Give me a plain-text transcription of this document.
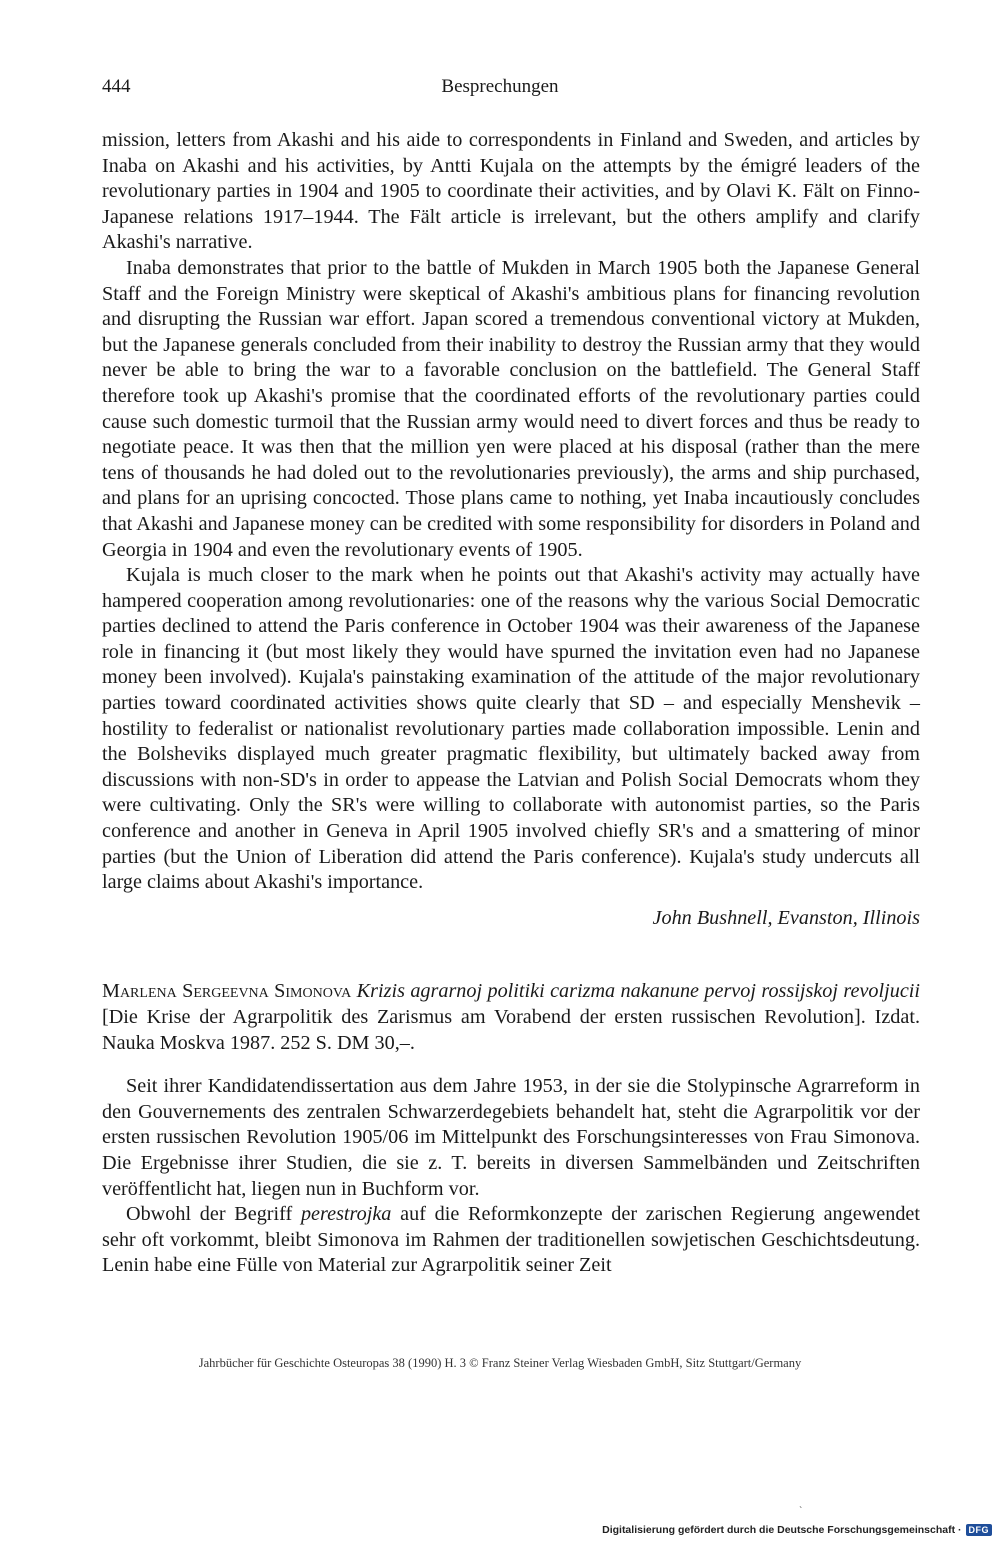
444	Besprechungen

mission, letters from Akashi and his aide to correspondents in Finland and Sweden, and articles by Inaba on Akashi and his activities, by Antti Kujala on the attempts by the émigré leaders of the revolutionary parties in 1904 and 1905 to coordinate their activities, and by Olavi K. Fält on Finno-Japanese relations 1917–1944. The Fält article is irrelevant, but the others amplify and clarify Akashi's narrative.

Inaba demonstrates that prior to the battle of Mukden in March 1905 both the Japanese General Staff and the Foreign Ministry were skeptical of Akashi's ambitious plans for financing revolution and disrupting the Russian war effort. Japan scored a tremendous conventional victory at Mukden, but the Japanese generals concluded from their inability to destroy the Russian army that they would never be able to bring the war to a favorable conclusion on the battlefield. The General Staff therefore took up Akashi's promise that the coordinated efforts of the revolutionary parties could cause such domestic turmoil that the Russian army would need to divert forces and thus be ready to negotiate peace. It was then that the million yen were placed at his disposal (rather than the mere tens of thousands he had doled out to the revolutionaries previously), the arms and ship purchased, and plans for an uprising concocted. Those plans came to nothing, yet Inaba incautiously concludes that Akashi and Japanese money can be credited with some responsibility for disorders in Poland and Georgia in 1904 and even the revolutionary events of 1905.

Kujala is much closer to the mark when he points out that Akashi's activity may actually have hampered cooperation among revolutionaries: one of the reasons why the various Social Democratic parties declined to attend the Paris conference in October 1904 was their awareness of the Japanese role in financing it (but most likely they would have spurned the invitation even had no Japanese money been involved). Kujala's painstaking examination of the attitude of the major revolutionary parties toward coordinated activities shows quite clearly that SD – and especially Menshevik – hostility to federalist or nationalist revolutionary parties made collaboration impossible. Lenin and the Bolsheviks displayed much greater pragmatic flexibility, but ultimately backed away from discussions with non-SD's in order to appease the Latvian and Polish Social Democrats whom they were cultivating. Only the SR's were willing to collaborate with autonomist parties, so the Paris conference and another in Geneva in April 1905 involved chiefly SR's and a smattering of minor parties (but the Union of Liberation did attend the Paris conference). Kujala's study undercuts all large claims about Akashi's importance.

John Bushnell, Evanston, Illinois

Marlena Sergeevna Simonova Krizis agrarnoj politiki carizma nakanune pervoj rossijskoj revoljucii [Die Krise der Agrarpolitik des Zarismus am Vorabend der ersten russischen Revolution]. Izdat. Nauka Moskva 1987. 252 S. DM 30,–.

Seit ihrer Kandidatendissertation aus dem Jahre 1953, in der sie die Stolypinsche Agrarreform in den Gouvernements des zentralen Schwarzerdegebiets behandelt hat, steht die Agrarpolitik vor der ersten russischen Revolution 1905/06 im Mittelpunkt des Forschungsinteresses von Frau Simonova. Die Ergebnisse ihrer Studien, die sie z. T. bereits in diversen Sammelbänden und Zeitschriften veröffentlicht hat, liegen nun in Buchform vor.

Obwohl der Begriff perestrojka auf die Reformkonzepte der zarischen Regierung angewendet sehr oft vorkommt, bleibt Simonova im Rahmen der traditionellen sowjetischen Geschichtsdeutung. Lenin habe eine Fülle von Material zur Agrarpolitik seiner Zeit

Jahrbücher für Geschichte Osteuropas 38 (1990) H. 3 © Franz Steiner Verlag Wiesbaden GmbH, Sitz Stuttgart/Germany
`
Digitalisierung gefördert durch die Deutsche Forschungsgemeinschaft · DFG
